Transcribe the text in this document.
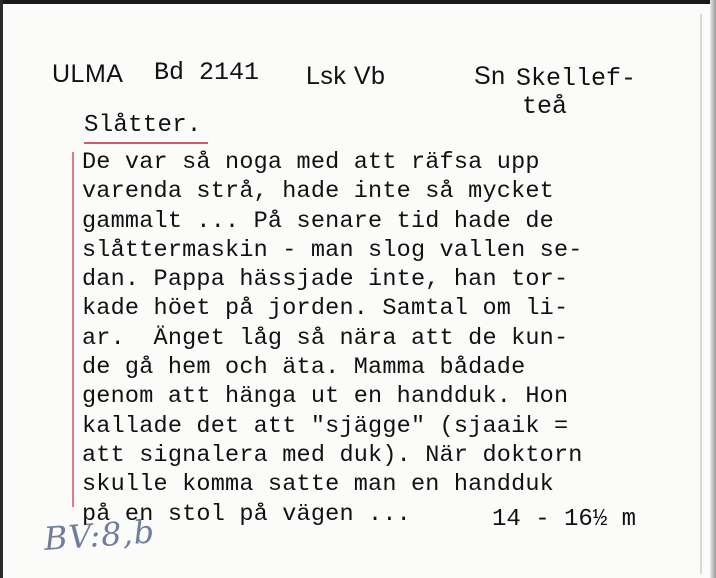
ULMA Bd 2141 Lsk Vb	Sn Skellef-
teå
Slåtter.
De var så noga med att räfsa upp
varenda strå, hade inte så mycket
gammalt ... På senare tid hade de
slåttermaskin - man slog vallen se-
dan. Pappa hässjade inte, han tor-
kade höet på jorden. Samtal om li-
ar.  Änget låg så nära att de kun-
de gå hem och äta. Mamma bådade
genom att hänga ut en handduk. Hon
kallade det att "sjägge" (sjaaik =
att signalera med duk). När doktorn
skulle komma satte man en handduk
på en stol på vägen ...	14 - 16½ m
BV:8,b
